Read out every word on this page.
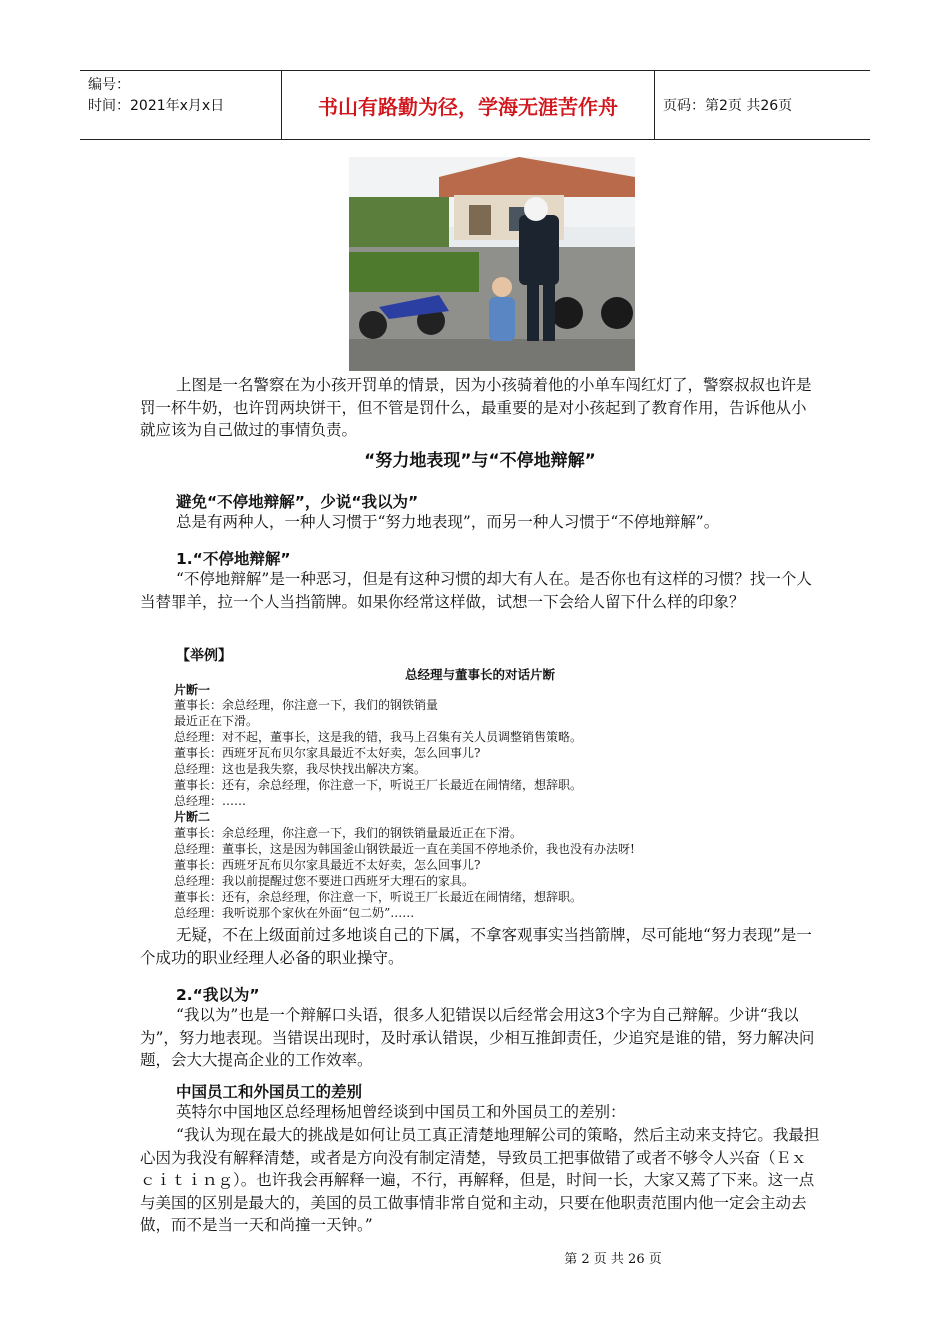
编号：
时间：2021年x月x日	书山有路勤为径，学海无涯苦作舟	页码：第2页 共26页

上图是一名警察在为小孩开罚单的情景，因为小孩骑着他的小单车闯红灯了，警察叔叔也许是罚一杯牛奶，也许罚两块饼干，但不管是罚什么，最重要的是对小孩起到了教育作用，告诉他从小就应该为自己做过的事情负责。

“努力地表现”与“不停地辩解”
避免“不停地辩解”，少说“我以为”

总是有两种人，一种人习惯于“努力地表现”，而另一种人习惯于“不停地辩解”。

1.“不停地辩解”

“不停地辩解”是一种恶习，但是有这种习惯的却大有人在。是否你也有这样的习惯？找一个人当替罪羊，拉一个人当挡箭牌。如果你经常这样做，试想一下会给人留下什么样的印象？

【举例】
总经理与董事长的对话片断

片断一

董事长：余总经理，你注意一下，我们的钢铁销量

最近正在下滑。

总经理：对不起，董事长，这是我的错，我马上召集有关人员调整销售策略。

董事长：西班牙瓦布贝尔家具最近不太好卖，怎么回事儿?

总经理：这也是我失察，我尽快找出解决方案。

董事长：还有，余总经理，你注意一下，听说王厂长最近在闹情绪，想辞职。

总经理：……

片断二

董事长：余总经理，你注意一下，我们的钢铁销量最近正在下滑。

总经理：董事长，这是因为韩国釜山钢铁最近一直在美国不停地杀价，我也没有办法呀!

董事长：西班牙瓦布贝尔家具最近不太好卖，怎么回事儿?

总经理：我以前提醒过您不要进口西班牙大理石的家具。

董事长：还有，余总经理，你注意一下，听说王厂长最近在闹情绪，想辞职。

总经理：我听说那个家伙在外面“包二奶”……

无疑，不在上级面前过多地谈自己的下属，不拿客观事实当挡箭牌，尽可能地“努力表现”是一个成功的职业经理人必备的职业操守。

2.“我以为”

“我以为”也是一个辩解口头语，很多人犯错误以后经常会用这3个字为自己辩解。少讲“我以为”，努力地表现。当错误出现时，及时承认错误，少相互推卸责任，少追究是谁的错，努力解决问题，会大大提高企业的工作效率。

中国员工和外国员工的差别

英特尔中国地区总经理杨旭曾经谈到中国员工和外国员工的差别：

“我认为现在最大的挑战是如何让员工真正清楚地理解公司的策略，然后主动来支持它。我最担心因为我没有解释清楚，或者是方向没有制定清楚，导致员工把事做错了或者不够令人兴奋（Ｅｘｃｉｔｉｎｇ）。也许我会再解释一遍，不行，再解释，但是，时间一长，大家又蔫了下来。这一点与美国的区别是最大的，美国的员工做事情非常自觉和主动，只要在他职责范围内他一定会主动去做，而不是当一天和尚撞一天钟。”

第 2 页 共 26 页
